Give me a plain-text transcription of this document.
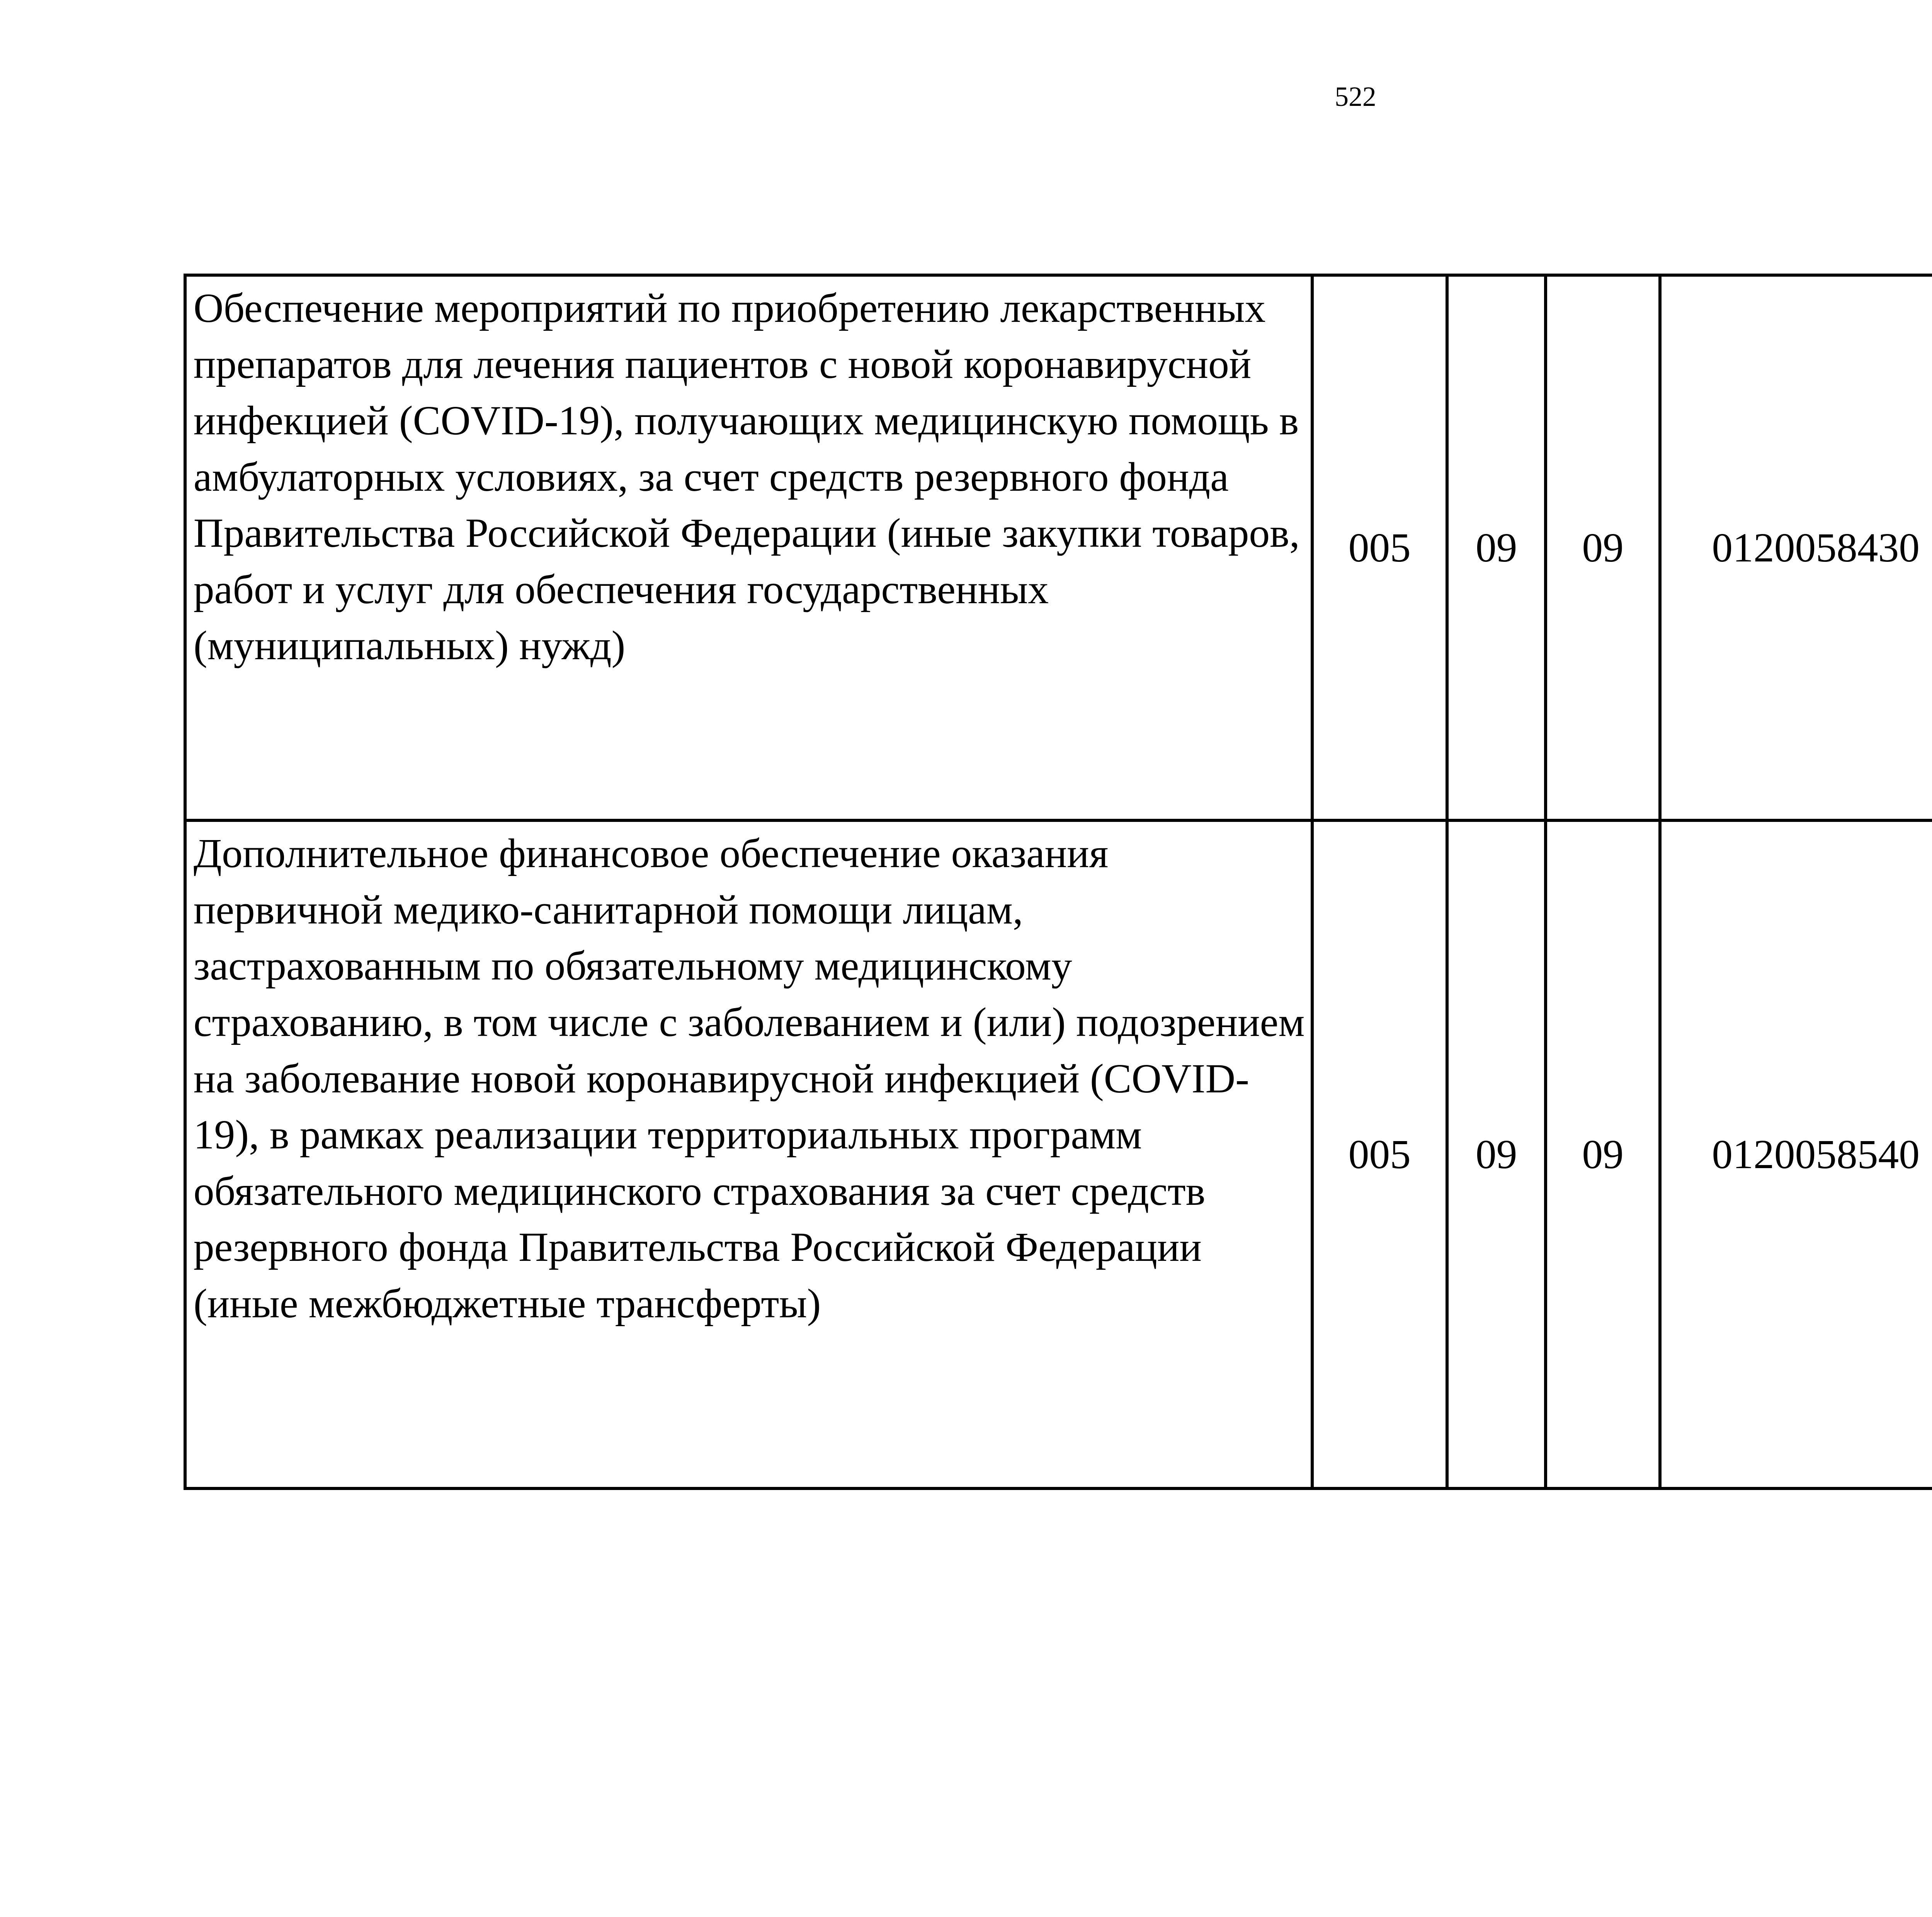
522
Обеспечение мероприятий по приобретению лекарственных препаратов для лечения пациентов с новой коронавирусной инфекцией (COVID-19), получающих медицинскую помощь в амбулаторных условиях, за счет средств резервного фонда Правительства Российской Федерации (иные закупки товаров, работ и услуг для обеспечения государственных (муниципальных) нужд)	005	09	09	0120058430		
Дополнительное финансовое обеспечение оказания первичной медико-санитарной помощи лицам, застрахованным по обязательному медицинскому страхованию, в том числе с заболеванием и (или) подозрением на заболевание новой коронавирусной инфекцией (COVID-19), в рамках реализации территориальных программ обязательного медицинского страхования за счет средств резервного фонда Правительства Российской Федерации (иные межбюджетные трансферты)	005	09	09	0120058540		
